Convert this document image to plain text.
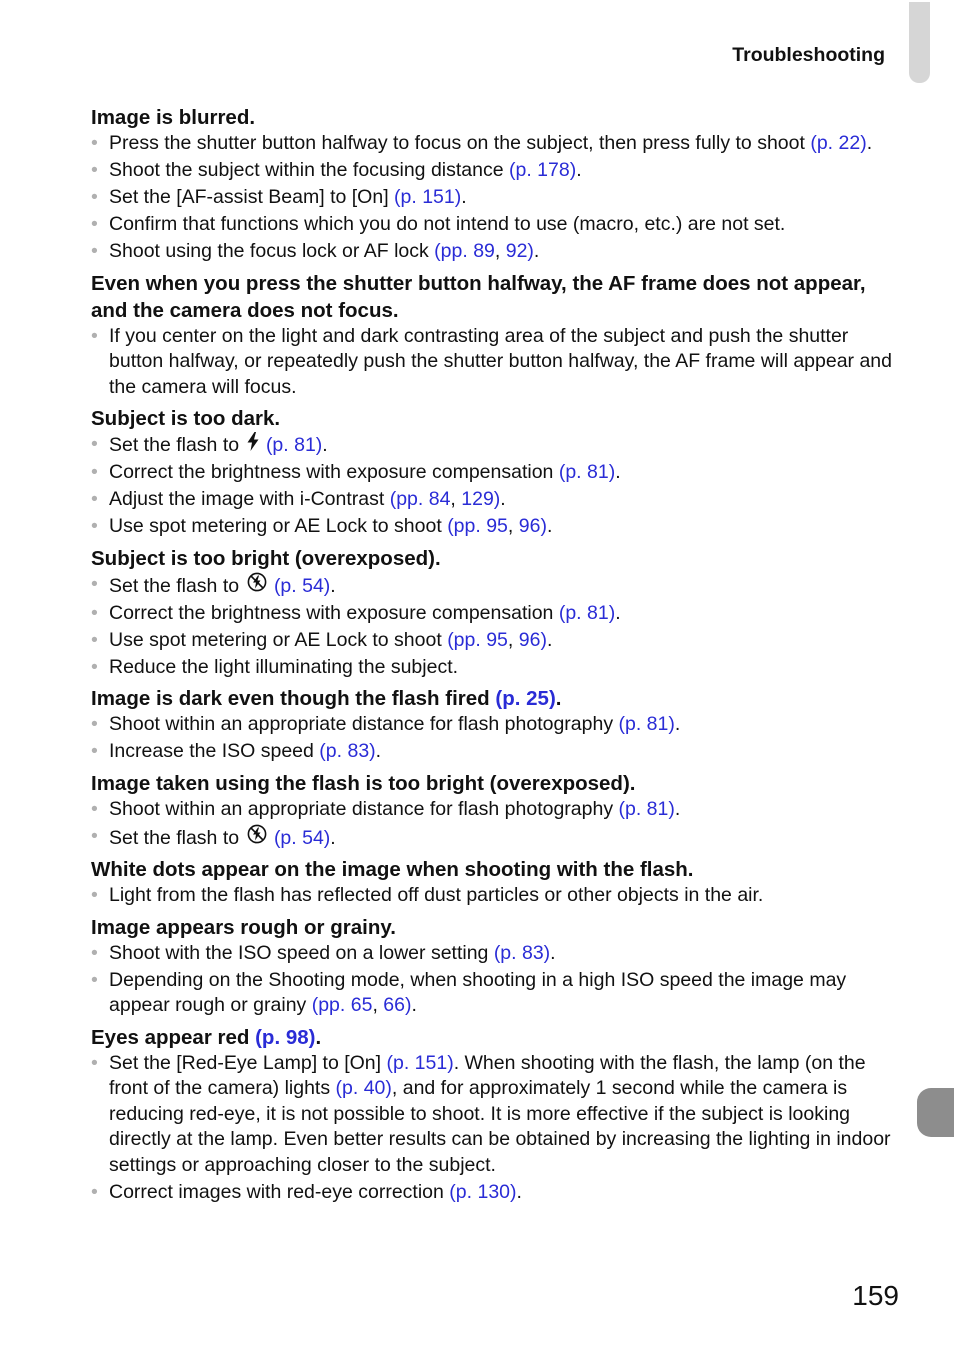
Troubleshooting
Image is blurred.
• Press the shutter button halfway to focus on the subject, then press fully to shoot (p. 22).
• Shoot the subject within the focusing distance (p. 178).
• Set the [AF-assist Beam] to [On] (p. 151).
• Confirm that functions which you do not intend to use (macro, etc.) are not set.
• Shoot using the focus lock or AF lock (pp. 89, 92).
Even when you press the shutter button halfway, the AF frame does not appear, and the camera does not focus.
• If you center on the light and dark contrasting area of the subject and push the shutter button halfway, or repeatedly push the shutter button halfway, the AF frame will appear and the camera will focus.
Subject is too dark.
• Set the flash to  (p. 81).
• Correct the brightness with exposure compensation (p. 81).
• Adjust the image with i-Contrast (pp. 84, 129).
• Use spot metering or AE Lock to shoot (pp. 95, 96).
Subject is too bright (overexposed).
• Set the flash to  (p. 54).
• Correct the brightness with exposure compensation (p. 81).
• Use spot metering or AE Lock to shoot (pp. 95, 96).
• Reduce the light illuminating the subject.
Image is dark even though the flash fired (p. 25).
• Shoot within an appropriate distance for flash photography (p. 81).
• Increase the ISO speed (p. 83).
Image taken using the flash is too bright (overexposed).
• Shoot within an appropriate distance for flash photography (p. 81).
• Set the flash to  (p. 54).
White dots appear on the image when shooting with the flash.
• Light from the flash has reflected off dust particles or other objects in the air.
Image appears rough or grainy.
• Shoot with the ISO speed on a lower setting (p. 83).
• Depending on the Shooting mode, when shooting in a high ISO speed the image may appear rough or grainy (pp. 65, 66).
Eyes appear red (p. 98).
• Set the [Red-Eye Lamp] to [On] (p. 151). When shooting with the flash, the lamp (on the front of the camera) lights (p. 40), and for approximately 1 second while the camera is reducing red-eye, it is not possible to shoot. It is more effective if the subject is looking directly at the lamp. Even better results can be obtained by increasing the lighting in indoor settings or approaching closer to the subject.
• Correct images with red-eye correction (p. 130).
159
